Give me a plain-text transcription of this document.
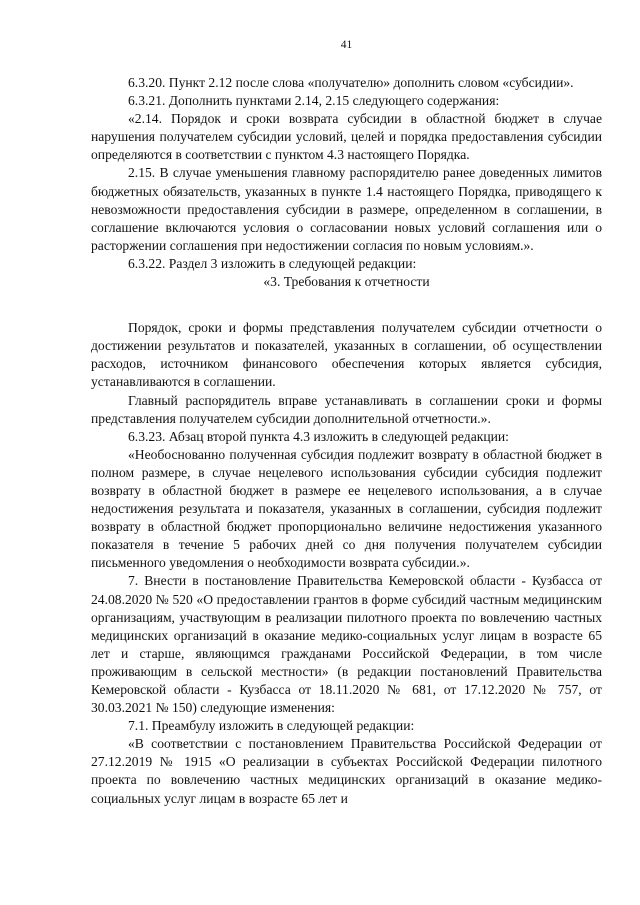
41

6.3.20. Пункт 2.12 после слова «получателю» дополнить словом «субсидии».

6.3.21. Дополнить пунктами 2.14, 2.15 следующего содержания:

«2.14. Порядок и сроки возврата субсидии в областной бюджет в случае нарушения получателем субсидии условий, целей и порядка предоставления субсидии определяются в соответствии с пунктом 4.3 настоящего Порядка.

2.15. В случае уменьшения главному распорядителю ранее доведенных лимитов бюджетных обязательств, указанных в пункте 1.4 настоящего Порядка, приводящего к невозможности предоставления субсидии в размере, определенном в соглашении, в соглашение включаются условия о согласовании новых условий соглашения или о расторжении соглашения при недостижении согласия по новым условиям.».

6.3.22. Раздел 3 изложить в следующей редакции:

«3. Требования к отчетности

Порядок, сроки и формы представления получателем субсидии отчетности о достижении результатов и показателей, указанных в соглашении, об осуществлении расходов, источником финансового обеспечения которых является субсидия, устанавливаются в соглашении.

Главный распорядитель вправе устанавливать в соглашении сроки и формы представления получателем субсидии дополнительной отчетности.».

6.3.23. Абзац второй пункта 4.3 изложить в следующей редакции:

«Необоснованно полученная субсидия подлежит возврату в областной бюджет в полном размере, в случае нецелевого использования субсидии субсидия подлежит возврату в областной бюджет в размере ее нецелевого использования, а в случае недостижения результата и показателя, указанных в соглашении, субсидия подлежит возврату в областной бюджет пропорционально величине недостижения указанного показателя в течение 5 рабочих дней со дня получения получателем субсидии письменного уведомления о необходимости возврата субсидии.».

7. Внести в постановление Правительства Кемеровской области - Кузбасса от 24.08.2020 № 520 «О предоставлении грантов в форме субсидий частным медицинским организациям, участвующим в реализации пилотного проекта по вовлечению частных медицинских организаций в оказание медико-социальных услуг лицам в возрасте 65 лет и старше, являющимся гражданами Российской Федерации, в том числе проживающим в сельской местности» (в редакции постановлений Правительства Кемеровской области - Кузбасса от 18.11.2020 № 681, от 17.12.2020 № 757, от 30.03.2021 № 150) следующие изменения:

7.1. Преамбулу изложить в следующей редакции:

«В соответствии с постановлением Правительства Российской Федерации от 27.12.2019 № 1915 «О реализации в субъектах Российской Федерации пилотного проекта по вовлечению частных медицинских организаций в оказание медико-социальных услуг лицам в возрасте 65 лет и
